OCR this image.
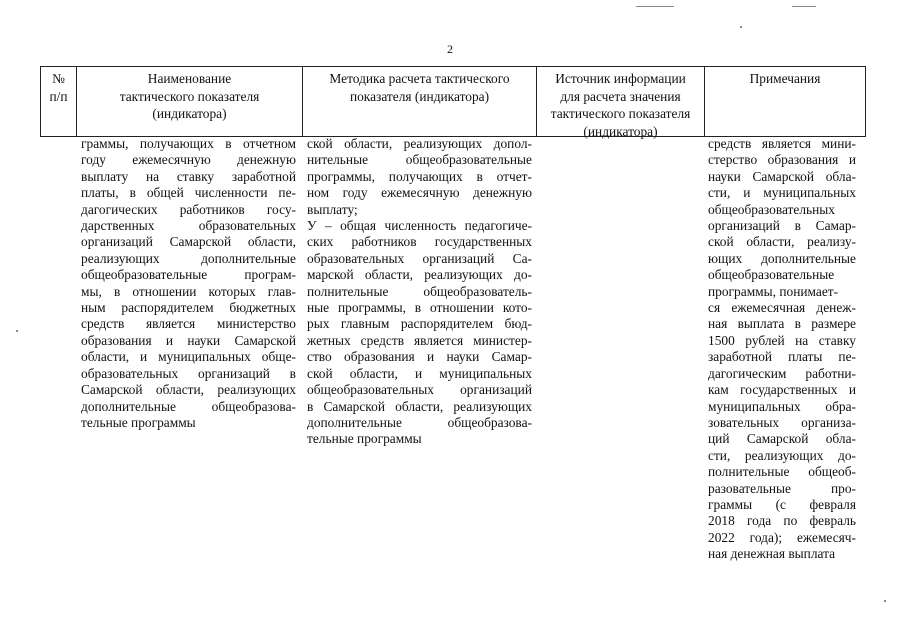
2
№
п/п
Наименование
тактического показателя
(индикатора)
Методика расчета тактического
показателя (индикатора)
Источник информации
для расчета значения
тактического показателя
(индикатора)
Примечания
граммы, получающих в отчетном
году ежемесячную денежную
выплату на ставку заработной
платы, в общей численности пе-
дагогических работников госу-
дарственных образовательных
организаций Самарской области,
реализующих дополнительные
общеобразовательные програм-
мы, в отношении которых глав-
ным распорядителем бюджетных
средств является министерство
образования и науки Самарской
области, и муниципальных обще-
образовательных организаций в
Самарской области, реализующих
дополнительные общеобразова-
тельные программы
ской области, реализующих допол-
нительные общеобразовательные
программы, получающих в отчет-
ном году ежемесячную денежную
выплату;
У – общая численность педагогиче-
ских работников государственных
образовательных организаций Са-
марской области, реализующих до-
полнительные общеобразователь-
ные программы, в отношении кото-
рых главным распорядителем бюд-
жетных средств является министер-
ство образования и науки Самар-
ской области, и муниципальных
общеобразовательных организаций
в Самарской области, реализующих
дополнительные общеобразова-
тельные программы
средств является мини-
стерство образования и
науки Самарской обла-
сти, и муниципальных
общеобразовательных
организаций в Самар-
ской области, реализу-
ющих дополнительные
общеобразовательные
программы, понимает-
ся ежемесячная денеж-
ная выплата в размере
1500 рублей на ставку
заработной платы пе-
дагогическим работни-
кам государственных и
муниципальных обра-
зовательных организа-
ций Самарской обла-
сти, реализующих до-
полнительные общеоб-
разовательные про-
граммы (с февраля
2018 года по февраль
2022 года); ежемесяч-
ная денежная выплата
